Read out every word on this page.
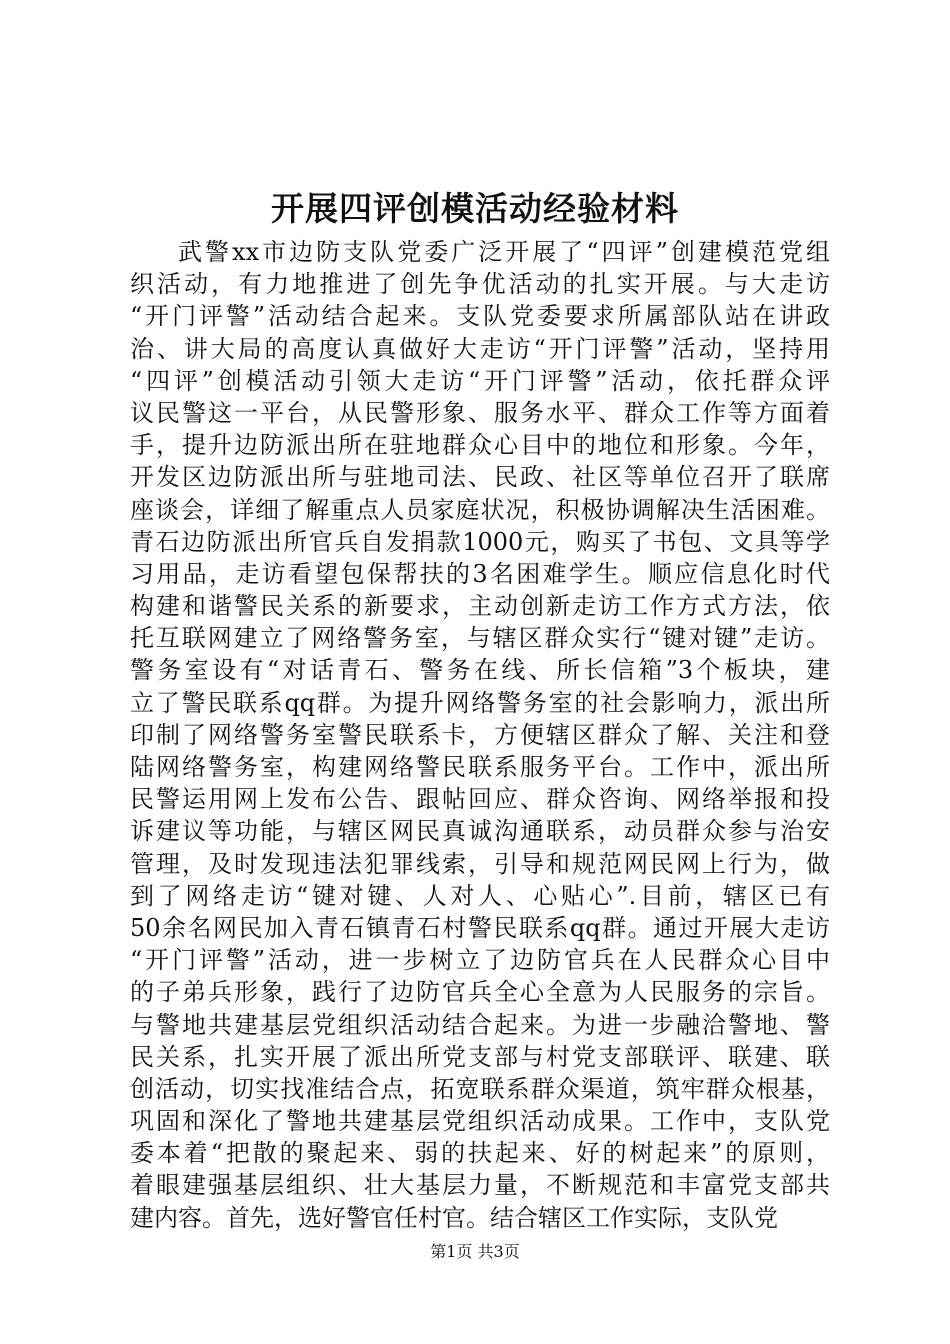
开展四评创模活动经验材料
武警xx市边防支队党委广泛开展了“四评”创建模范党组
织活动，有力地推进了创先争优活动的扎实开展。与大走访
“开门评警”活动结合起来。支队党委要求所属部队站在讲政
治、讲大局的高度认真做好大走访“开门评警”活动，坚持用
“四评”创模活动引领大走访“开门评警”活动，依托群众评
议民警这一平台，从民警形象、服务水平、群众工作等方面着
手，提升边防派出所在驻地群众心目中的地位和形象。今年，
开发区边防派出所与驻地司法、民政、社区等单位召开了联席
座谈会，详细了解重点人员家庭状况，积极协调解决生活困难。
青石边防派出所官兵自发捐款1000元，购买了书包、文具等学
习用品，走访看望包保帮扶的3名困难学生。顺应信息化时代
构建和谐警民关系的新要求，主动创新走访工作方式方法，依
托互联网建立了网络警务室，与辖区群众实行“键对键”走访。
警务室设有“对话青石、警务在线、所长信箱”3个板块，建
立了警民联系qq群。为提升网络警务室的社会影响力，派出所
印制了网络警务室警民联系卡，方便辖区群众了解、关注和登
陆网络警务室，构建网络警民联系服务平台。工作中，派出所
民警运用网上发布公告、跟帖回应、群众咨询、网络举报和投
诉建议等功能，与辖区网民真诚沟通联系，动员群众参与治安
管理，及时发现违法犯罪线索，引导和规范网民网上行为，做
到了网络走访“键对键、人对人、心贴心”.目前，辖区已有
50余名网民加入青石镇青石村警民联系qq群。通过开展大走访
“开门评警”活动，进一步树立了边防官兵在人民群众心目中
的子弟兵形象，践行了边防官兵全心全意为人民服务的宗旨。
与警地共建基层党组织活动结合起来。为进一步融洽警地、警
民关系，扎实开展了派出所党支部与村党支部联评、联建、联
创活动，切实找准结合点，拓宽联系群众渠道，筑牢群众根基，
巩固和深化了警地共建基层党组织活动成果。工作中，支队党
委本着“把散的聚起来、弱的扶起来、好的树起来”的原则，
着眼建强基层组织、壮大基层力量，不断规范和丰富党支部共
建内容。首先，选好警官任村官。结合辖区工作实际，支队党
第1页 共3页
